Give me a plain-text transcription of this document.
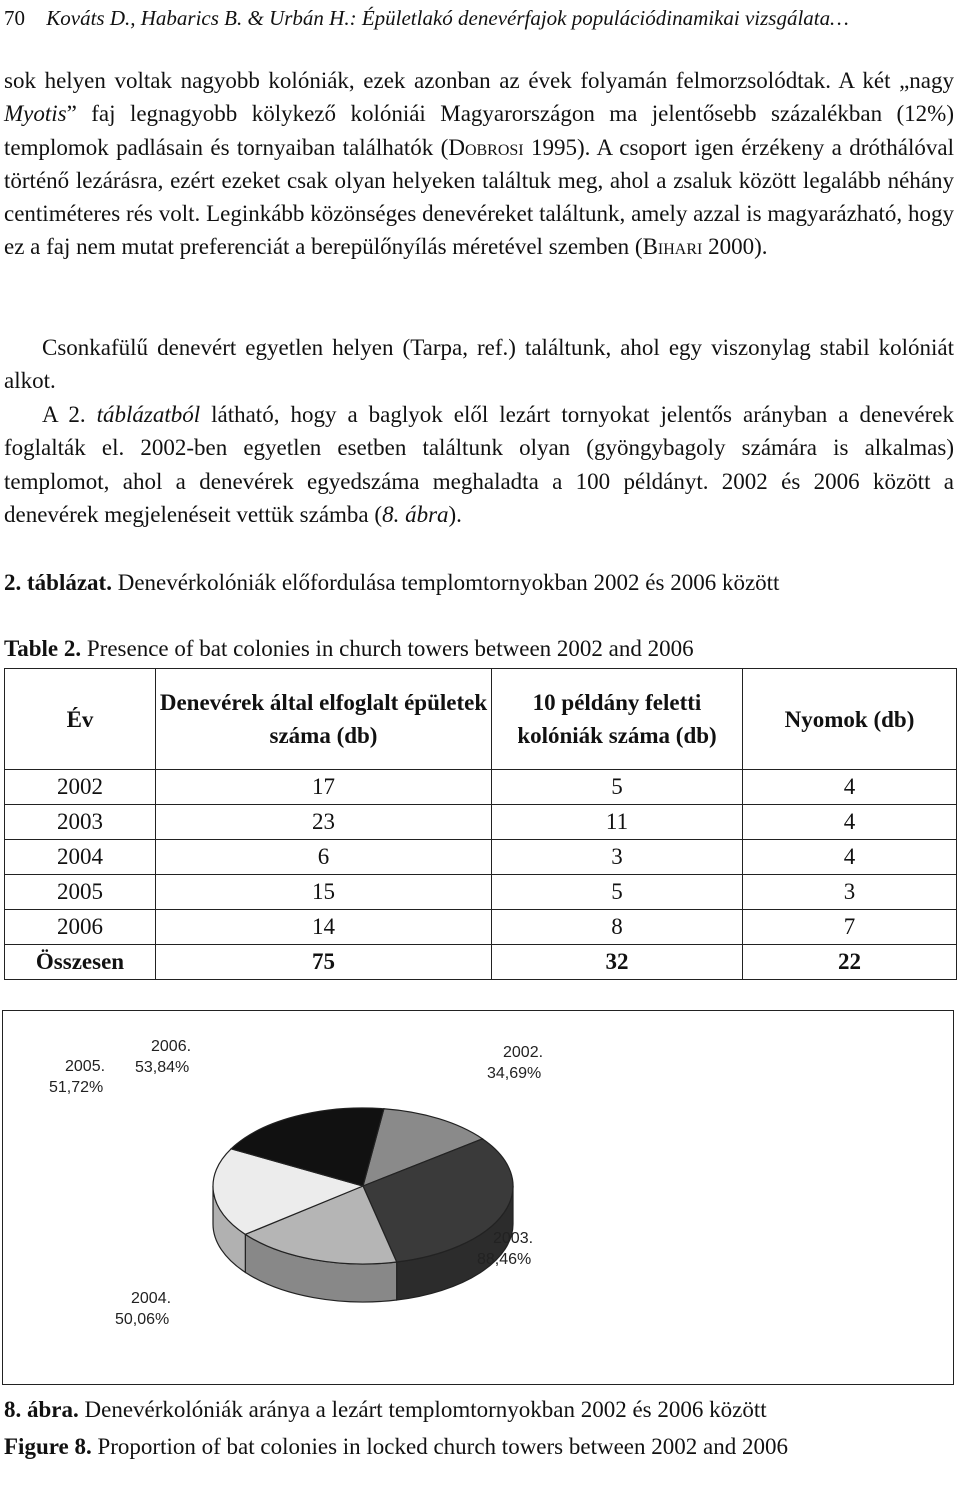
70 Kováts D., Habarics B. & Urbán H.: Épületlakó denevérfajok populációdinamikai vizsgálata…

sok helyen voltak nagyobb kolóniák, ezek azonban az évek folyamán felmorzsolódtak. A két „nagy Myotis” faj legnagyobb kölykező kolóniái Magyarországon ma jelentősebb százalékban (12%) templomok padlásain és tornyaiban találhatók (Dobrosi 1995). A csoport igen érzékeny a dróthálóval történő lezárásra, ezért ezeket csak olyan helyeken találtuk meg, ahol a zsaluk között legalább néhány centiméteres rés volt. Leginkább közönséges denevéreket találtunk, amely azzal is magyarázható, hogy ez a faj nem mutat preferenciát a berepülőnyílás méretével szemben (Bihari 2000).

Csonkafülű denevért egyetlen helyen (Tarpa, ref.) találtunk, ahol egy viszonylag stabil kolóniát alkot.

A 2. táblázatból látható, hogy a baglyok elől lezárt tornyokat jelentős arányban a denevérek foglalták el. 2002-ben egyetlen esetben találtunk olyan (gyöngybagoly számára is alkalmas) templomot, ahol a denevérek egyedszáma meghaladta a 100 példányt. 2002 és 2006 között a denevérek megjelenéseit vettük számba (8. ábra).

2. táblázat. Denevérkolóniák előfordulása templomtornyokban 2002 és 2006 között
Table 2. Presence of bat colonies in church towers between 2002 and 2006
Év	Denevérek által elfoglalt épületek száma (db)	10 példány feletti kolóniák száma (db)	Nyomok (db)
2002	17	5	4
2003	23	11	4
2004	6	3	4
2005	15	5	3
2006	14	8	7
Összesen	75	32	22
2002.
34,69%
2003.
88,46%
2004.
50,06%
2005.
51,72%
2006.
53,84%
8. ábra. Denevérkolóniák aránya a lezárt templomtornyokban 2002 és 2006 között
Figure 8. Proportion of bat colonies in locked church towers between 2002 and 2006
